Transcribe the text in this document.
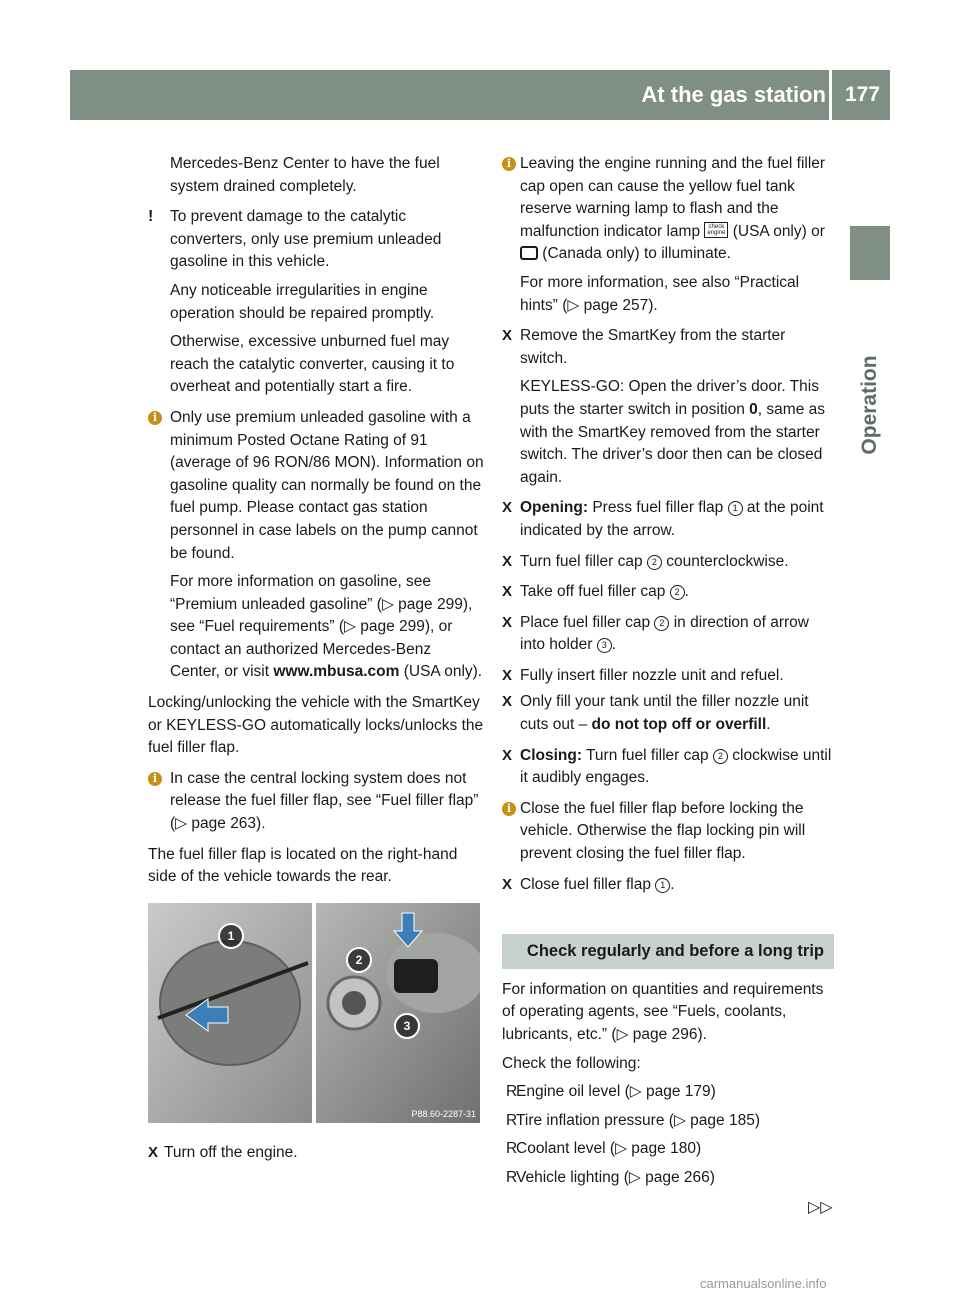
At the gas station 177
Operation

Mercedes-Benz Center to have the fuel
system drained completely.

!	To prevent damage to the catalytic converters, only use premium unleaded gasoline in this vehicle.

Any noticeable irregularities in engine operation should be repaired promptly.

Otherwise, excessive unburned fuel may reach the catalytic converter, causing it to overheat and potentially start a fire.

i Only use premium unleaded gasoline with a minimum Posted Octane Rating of 91 (average of 96 RON/86 MON). Information on gasoline quality can normally be found on the fuel pump. Please contact gas station personnel in case labels on the pump cannot be found.

For more information on gasoline, see “Premium unleaded gasoline” (▷ page 299), see “Fuel requirements” (▷ page 299), or contact an authorized Mercedes-Benz Center, or visit www.mbusa.com (USA only).

Locking/unlocking the vehicle with the SmartKey or KEYLESS-GO automatically locks/unlocks the fuel filler flap.

i In case the central locking system does not release the fuel filler flap, see “Fuel filler flap” (▷ page 263).

The fuel filler flap is located on the right-hand side of the vehicle towards the rear.

1
2
3
P88.60-2287-31
X Turn off the engine.

i Leaving the engine running and the fuel filler cap open can cause the yellow fuel tank reserve warning lamp to flash and the malfunction indicator lamp check
engine (USA only) or  (Canada only) to illuminate.

For more information, see also “Practical hints” (▷ page 257).

X Remove the SmartKey from the starter switch.

KEYLESS-GO: Open the driver’s door. This puts the starter switch in position 0, same as with the SmartKey removed from the starter switch. The driver’s door then can be closed again.

X Opening: Press fuel filler flap 1 at the point indicated by the arrow.

X Turn fuel filler cap 2 counterclockwise.

X Take off fuel filler cap 2 .

X Place fuel filler cap 2 in direction of arrow into holder 3 .

X Fully insert filler nozzle unit and refuel.

X Only fill your tank until the filler nozzle unit cuts out – do not top off or overfill.

X Closing: Turn fuel filler cap 2 clockwise until it audibly engages.

i Close the fuel filler flap before locking the vehicle. Otherwise the flap locking pin will prevent closing the fuel filler flap.

X Close fuel filler flap 1 .

Check regularly and before a long trip

For information on quantities and requirements of operating agents, see “Fuels, coolants, lubricants, etc.” (▷ page 296).

Check the following:

R
Engine oil level (▷ page 179)
R
Tire inflation pressure (▷ page 185)
R
Coolant level (▷ page 180)
R
Vehicle lighting (▷ page 266)
▷▷
carmanualsonline.info
